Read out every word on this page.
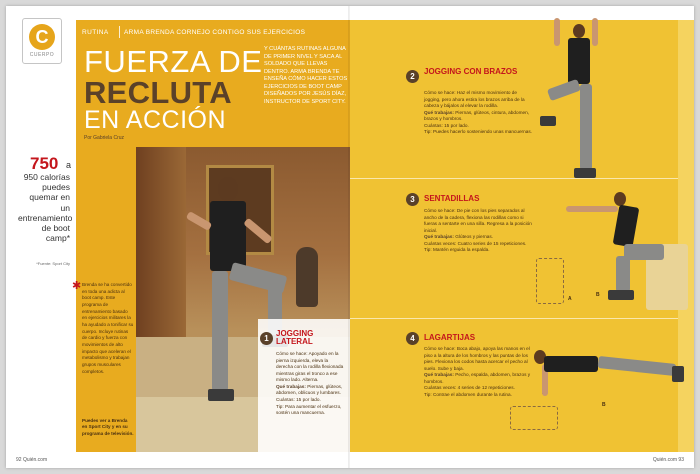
C
CUERPO
RUTINA ARMA BRENDA CORNEJO CONTIGO SUS EJERCICIOS
FUERZA DE
RECLUTA
EN ACCIÓN
Por Gabriela Cruz
Y CUÁNTAS RUTINAS ALGUNA DE PRIMER NIVEL Y SACA AL SOLDADO QUE LLEVAS DENTRO. ARMA BRENDA TE ENSEÑA CÓMO HACER ESTOS EJERCICIOS DE BOOT CAMP DISEÑADOS POR JESÚS DÍAZ, INSTRUCTOR DE SPORT CITY.
750 a
950 calorías puedes quemar en un entrenamiento de boot camp*
*Fuente: Sport City
✱ Brenda se ha convertido en toda una adicta al boot camp. Este programa de entrenamiento basado en ejercicios militares la ha ayudado a tonificar su cuerpo. Incluye rutinas de cardio y fuerza con movimientos de alto impacto que aceleran el metabolismo y trabajan grupos musculares completos.
Puedes ver a Brenda en Sport City y en su programa de televisión.
1
JOGGING LATERAL
Cómo se hace: Apoyado en la pierna izquierda, eleva la derecha con la rodilla flexionada mientras giras el tronco a ese mismo lado. Alterna.
Qué trabajas: Piernas, glúteos, abdomen, oblicuos y lumbares.
Cuántas: 15 por lado.
Tip: Para aumentar el esfuerzo, sostén una mancuerna.
92 Quién.com
2
JOGGING CON BRAZOS
Cómo se hace: Haz el mismo movimiento de jogging, pero ahora estira los brazos arriba de la cabeza y bájalos al elevar la rodilla.
Qué trabajas: Piernas, glúteos, cintura, abdomen, brazos y hombros.
Cuántas: 15 por lado.
Tip: Puedes hacerlo sosteniendo unas mancuernas.
3	SENTADILLAS
Cómo se hace: De pie con los pies separados al ancho de la cadera, flexiona las rodillas como si fueras a sentarte en una silla. Regresa a la posición inicial.
Qué trabajas: Glúteos y piernas.
Cuántas veces: Cuatro series de 15 repeticiones.
Tip: Mantén erguida la espalda.
A
B
4	LAGARTIJAS
Cómo se hace: Boca abajo, apoya las manos en el piso a la altura de los hombros y las puntas de los pies. Flexiona los codos hasta acercar el pecho al suelo. Sube y baja.
Qué trabajas: Pecho, espalda, abdomen, brazos y hombros.
Cuántas veces: 4 series de 12 repeticiones.
Tip: Contrae el abdomen durante la rutina.
B
Quién.com 93
